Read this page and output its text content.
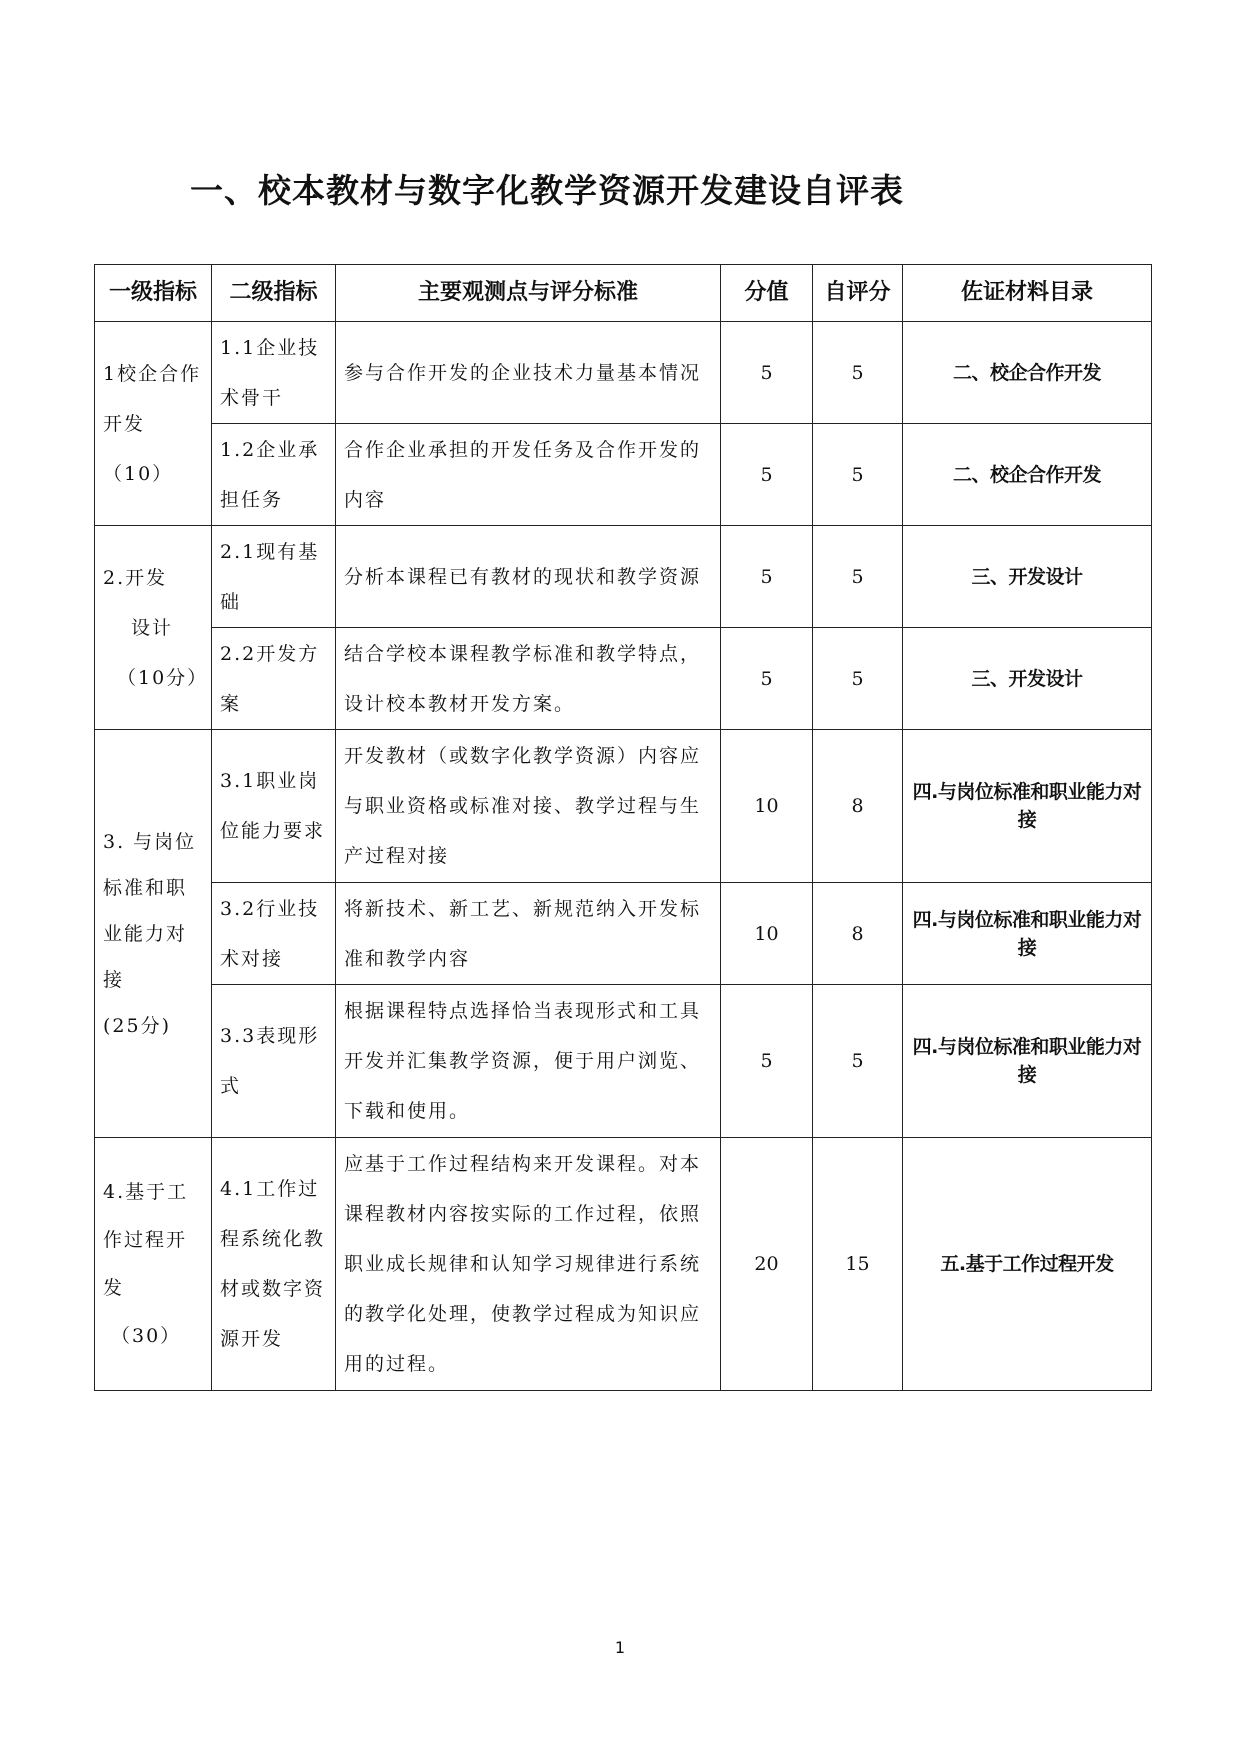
一、校本教材与数字化教学资源开发建设自评表
一级指标	二级指标	主要观测点与评分标准	分值	自评分	佐证材料目录

1校企合作
开发（10）	1.1企业技术骨干	参与合作开发的企业技术力量基本情况	5	5	二、校企合作开发
	1.2企业承担任务	合作企业承担的开发任务及合作开发的内容	5	5	二、校企合作开发

2.开发
设计
（10分）	2.1现有基础	分析本课程已有教材的现状和教学资源	5	5	三、开发设计
	2.2开发方案	结合学校本课程教学标准和教学特点，设计校本教材开发方案。	5	5	三、开发设计

3. 与岗位
标准和职
业能力对
接
(25分)	3.1职业岗位能力要求	开发教材（或数字化教学资源）内容应与职业资格或标准对接、教学过程与生产过程对接	10	8	四.与岗位标准和职业能力对接
	3.2行业技术对接	将新技术、新工艺、新规范纳入开发标准和教学内容	10	8	四.与岗位标准和职业能力对接
	3.3表现形式	根据课程特点选择恰当表现形式和工具开发并汇集教学资源，便于用户浏览、下载和使用。	5	5	四.与岗位标准和职业能力对接

4.基于工
作过程开
发
（30）	4.1工作过程系统化教材或数字资源开发	应基于工作过程结构来开发课程。对本课程教材内容按实际的工作过程，依照职业成长规律和认知学习规律进行系统的教学化处理，使教学过程成为知识应用的过程。	20	15	五.基于工作过程开发
1
